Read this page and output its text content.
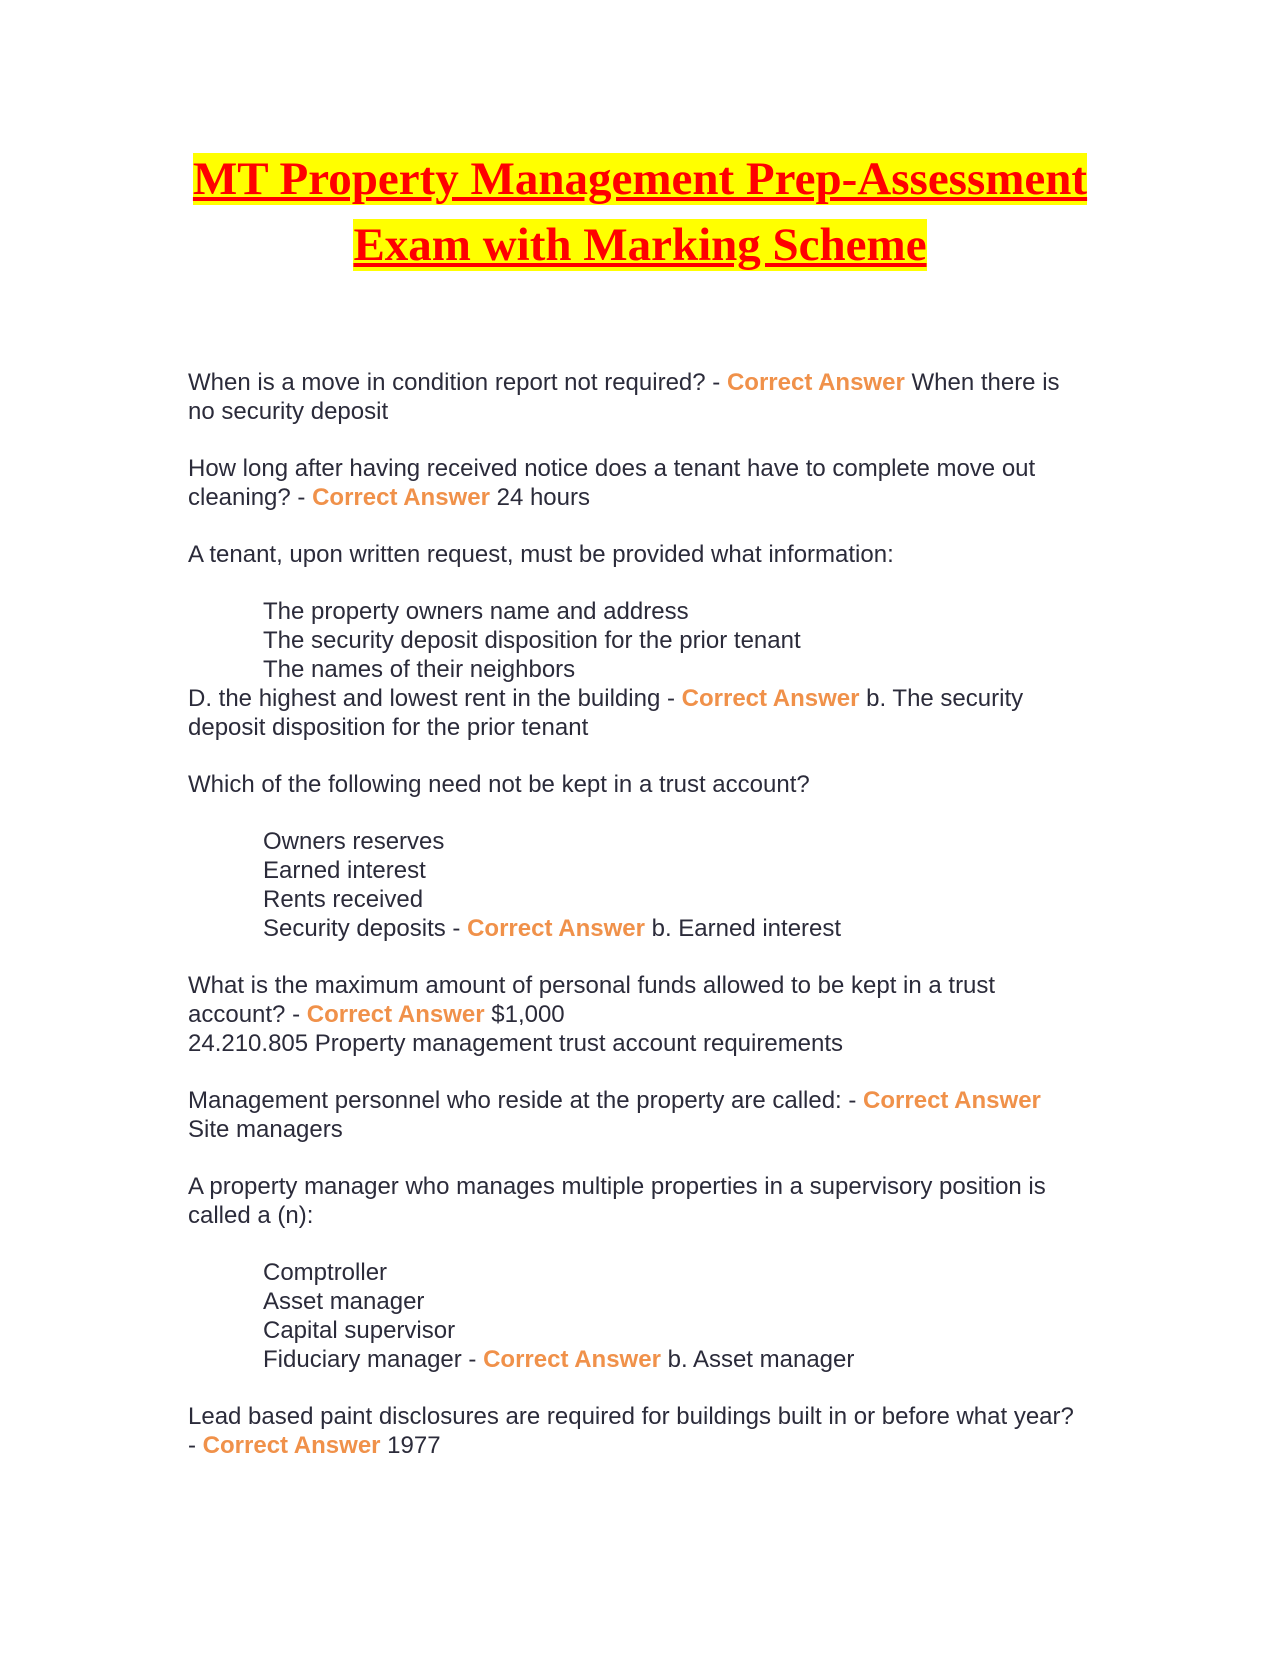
MT Property Management Prep-Assessment
Exam with Marking Scheme

When is a move in condition report not required? - Correct Answer When there is

no security deposit

How long after having received notice does a tenant have to complete move out

cleaning? - Correct Answer 24 hours

A tenant, upon written request, must be provided what information:

The property owners name and address

The security deposit disposition for the prior tenant

The names of their neighbors

D. the highest and lowest rent in the building - Correct Answer b. The security

deposit disposition for the prior tenant

Which of the following need not be kept in a trust account?

Owners reserves

Earned interest

Rents received

Security deposits - Correct Answer b. Earned interest

What is the maximum amount of personal funds allowed to be kept in a trust

account? - Correct Answer $1,000

24.210.805 Property management trust account requirements

Management personnel who reside at the property are called: - Correct Answer

Site managers

A property manager who manages multiple properties in a supervisory position is

called a (n):

Comptroller

Asset manager

Capital supervisor

Fiduciary manager - Correct Answer b. Asset manager

Lead based paint disclosures are required for buildings built in or before what year?

- Correct Answer 1977
